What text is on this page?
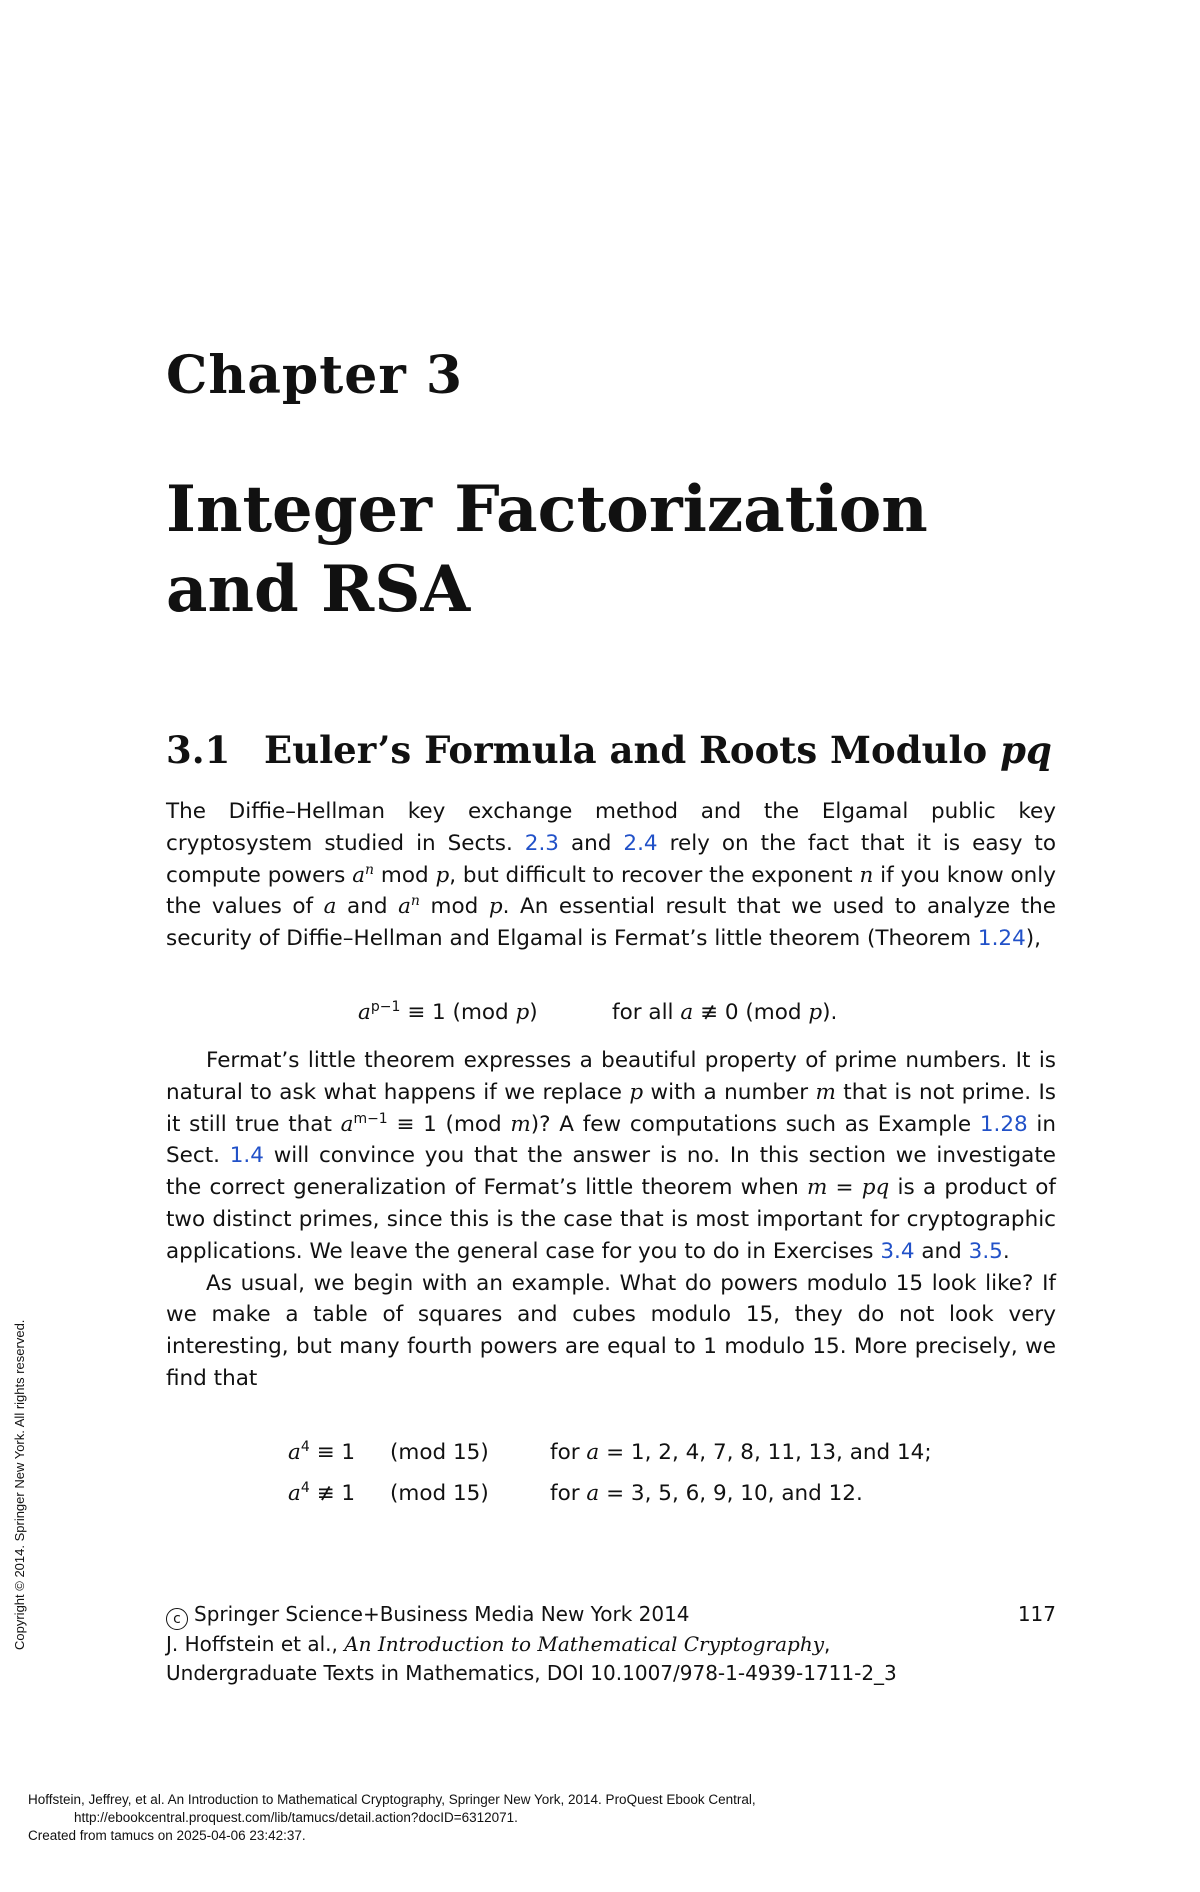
Chapter 3
Integer Factorization
and RSA
3.1 Euler’s Formula and Roots Modulo pq

The Diffie–Hellman key exchange method and the Elgamal public key cryptosystem studied in Sects. 2.3 and 2.4 rely on the fact that it is easy to compute powers $a^n$ mod p, but difficult to recover the exponent n if you know only the values of a and $a^n$ mod p. An essential result that we used to analyze the security of Diffie–Hellman and Elgamal is Fermat’s little theorem (Theorem 1.24),

$a^{p-1} \equiv 1$ (mod p)	for all a ≢ 0 (mod p).

Fermat’s little theorem expresses a beautiful property of prime numbers. It is natural to ask what happens if we replace p with a number m that is not prime. Is it still true that $a^{m-1} \equiv 1$ (mod m)? A few computations such as Example 1.28 in Sect. 1.4 will convince you that the answer is no. In this section we investigate the correct generalization of Fermat’s little theorem when m = pq is a product of two distinct primes, since this is the case that is most important for cryptographic applications. We leave the general case for you to do in Exercises 3.4 and 3.5.

As usual, we begin with an example. What do powers modulo 15 look like? If we make a table of squares and cubes modulo 15, they do not look very interesting, but many fourth powers are equal to 1 modulo 15. More precisely, we find that

$a^4 \equiv 1$ (mod 15)	for a = 1, 2, 4, 7, 8, 11, 13, and 14;
$a^4$ ≢ 1 (mod 15)	for a = 3, 5, 6, 9, 10, and 12.
c Springer Science+Business Media New York 2014	117
J. Hoffstein et al., An Introduction to Mathematical Cryptography,
Undergraduate Texts in Mathematics, DOI 10.1007/978-1-4939-1711-2_3
Copyright © 2014. Springer New York. All rights reserved.
Hoffstein, Jeffrey, et al. An Introduction to Mathematical Cryptography, Springer New York, 2014. ProQuest Ebook Central,
http://ebookcentral.proquest.com/lib/tamucs/detail.action?docID=6312071.
Created from tamucs on 2025-04-06 23:42:37.
